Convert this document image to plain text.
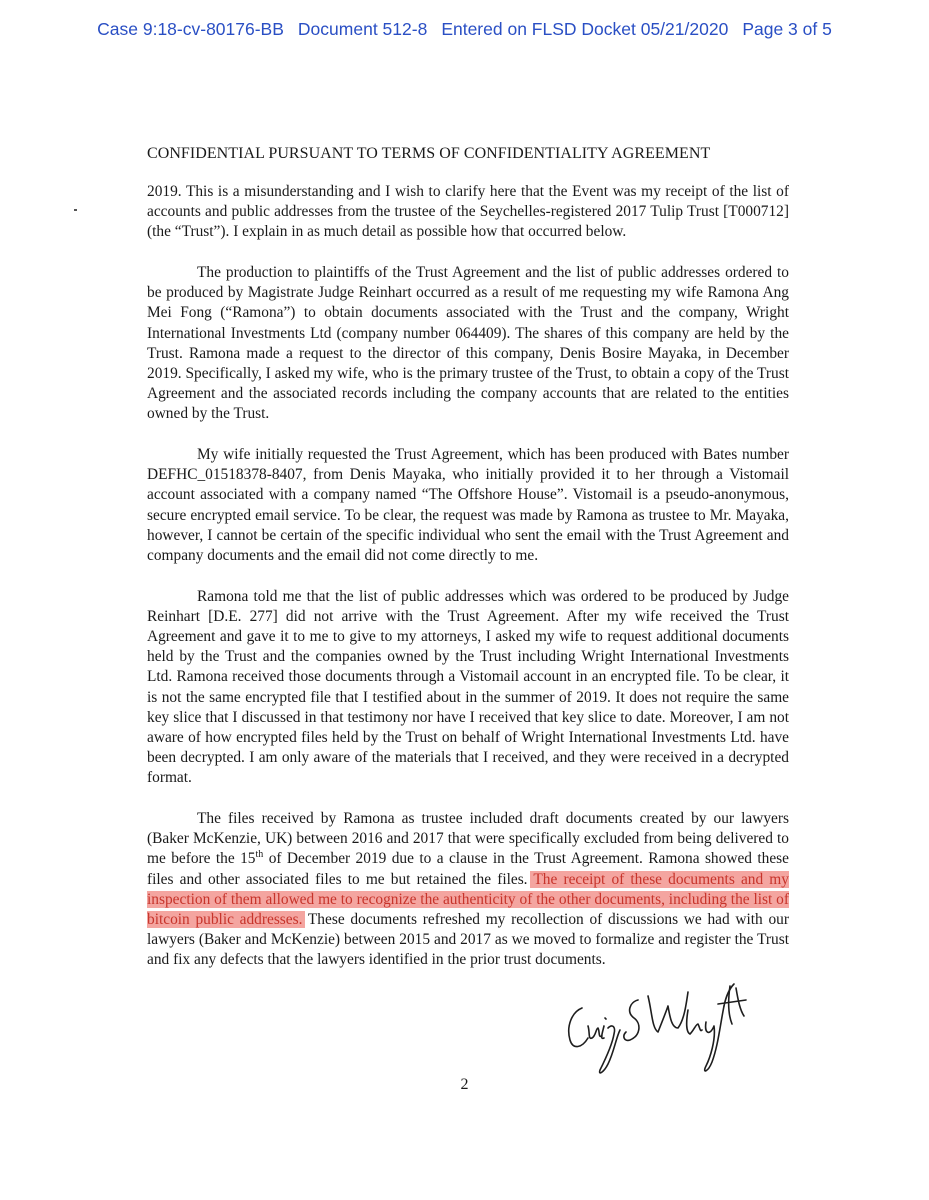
Case 9:18-cv-80176-BB Document 512-8 Entered on FLSD Docket 05/21/2020 Page 3 of 5
CONFIDENTIAL PURSUANT TO TERMS OF CONFIDENTIALITY AGREEMENT

2019. This is a misunderstanding and I wish to clarify here that the Event was my receipt of the list of accounts and public addresses from the trustee of the Seychelles-registered 2017 Tulip Trust [T000712] (the “Trust”). I explain in as much detail as possible how that occurred below.

The production to plaintiffs of the Trust Agreement and the list of public addresses ordered to be produced by Magistrate Judge Reinhart occurred as a result of me requesting my wife Ramona Ang Mei Fong (“Ramona”) to obtain documents associated with the Trust and the company, Wright International Investments Ltd (company number 064409). The shares of this company are held by the Trust. Ramona made a request to the director of this company, Denis Bosire Mayaka, in December 2019. Specifically, I asked my wife, who is the primary trustee of the Trust, to obtain a copy of the Trust Agreement and the associated records including the company accounts that are related to the entities owned by the Trust.

My wife initially requested the Trust Agreement, which has been produced with Bates number DEFHC_01518378-8407, from Denis Mayaka, who initially provided it to her through a Vistomail account associated with a company named “The Offshore House”. Vistomail is a pseudo-anonymous, secure encrypted email service. To be clear, the request was made by Ramona as trustee to Mr. Mayaka, however, I cannot be certain of the specific individual who sent the email with the Trust Agreement and company documents and the email did not come directly to me.

Ramona told me that the list of public addresses which was ordered to be produced by Judge Reinhart [D.E. 277] did not arrive with the Trust Agreement. After my wife received the Trust Agreement and gave it to me to give to my attorneys, I asked my wife to request additional documents held by the Trust and the companies owned by the Trust including Wright International Investments Ltd. Ramona received those documents through a Vistomail account in an encrypted file. To be clear, it is not the same encrypted file that I testified about in the summer of 2019. It does not require the same key slice that I discussed in that testimony nor have I received that key slice to date. Moreover, I am not aware of how encrypted files held by the Trust on behalf of Wright International Investments Ltd. have been decrypted. I am only aware of the materials that I received, and they were received in a decrypted format.

The files received by Ramona as trustee included draft documents created by our lawyers (Baker McKenzie, UK) between 2016 and 2017 that were specifically excluded from being delivered to me before the 15th of December 2019 due to a clause in the Trust Agreement. Ramona showed these files and other associated files to me but retained the files. The receipt of these documents and my inspection of them allowed me to recognize the authenticity of the other documents, including the list of bitcoin public addresses. These documents refreshed my recollection of discussions we had with our lawyers (Baker and McKenzie) between 2015 and 2017 as we moved to formalize and register the Trust and fix any defects that the lawyers identified in the prior trust documents.

2
